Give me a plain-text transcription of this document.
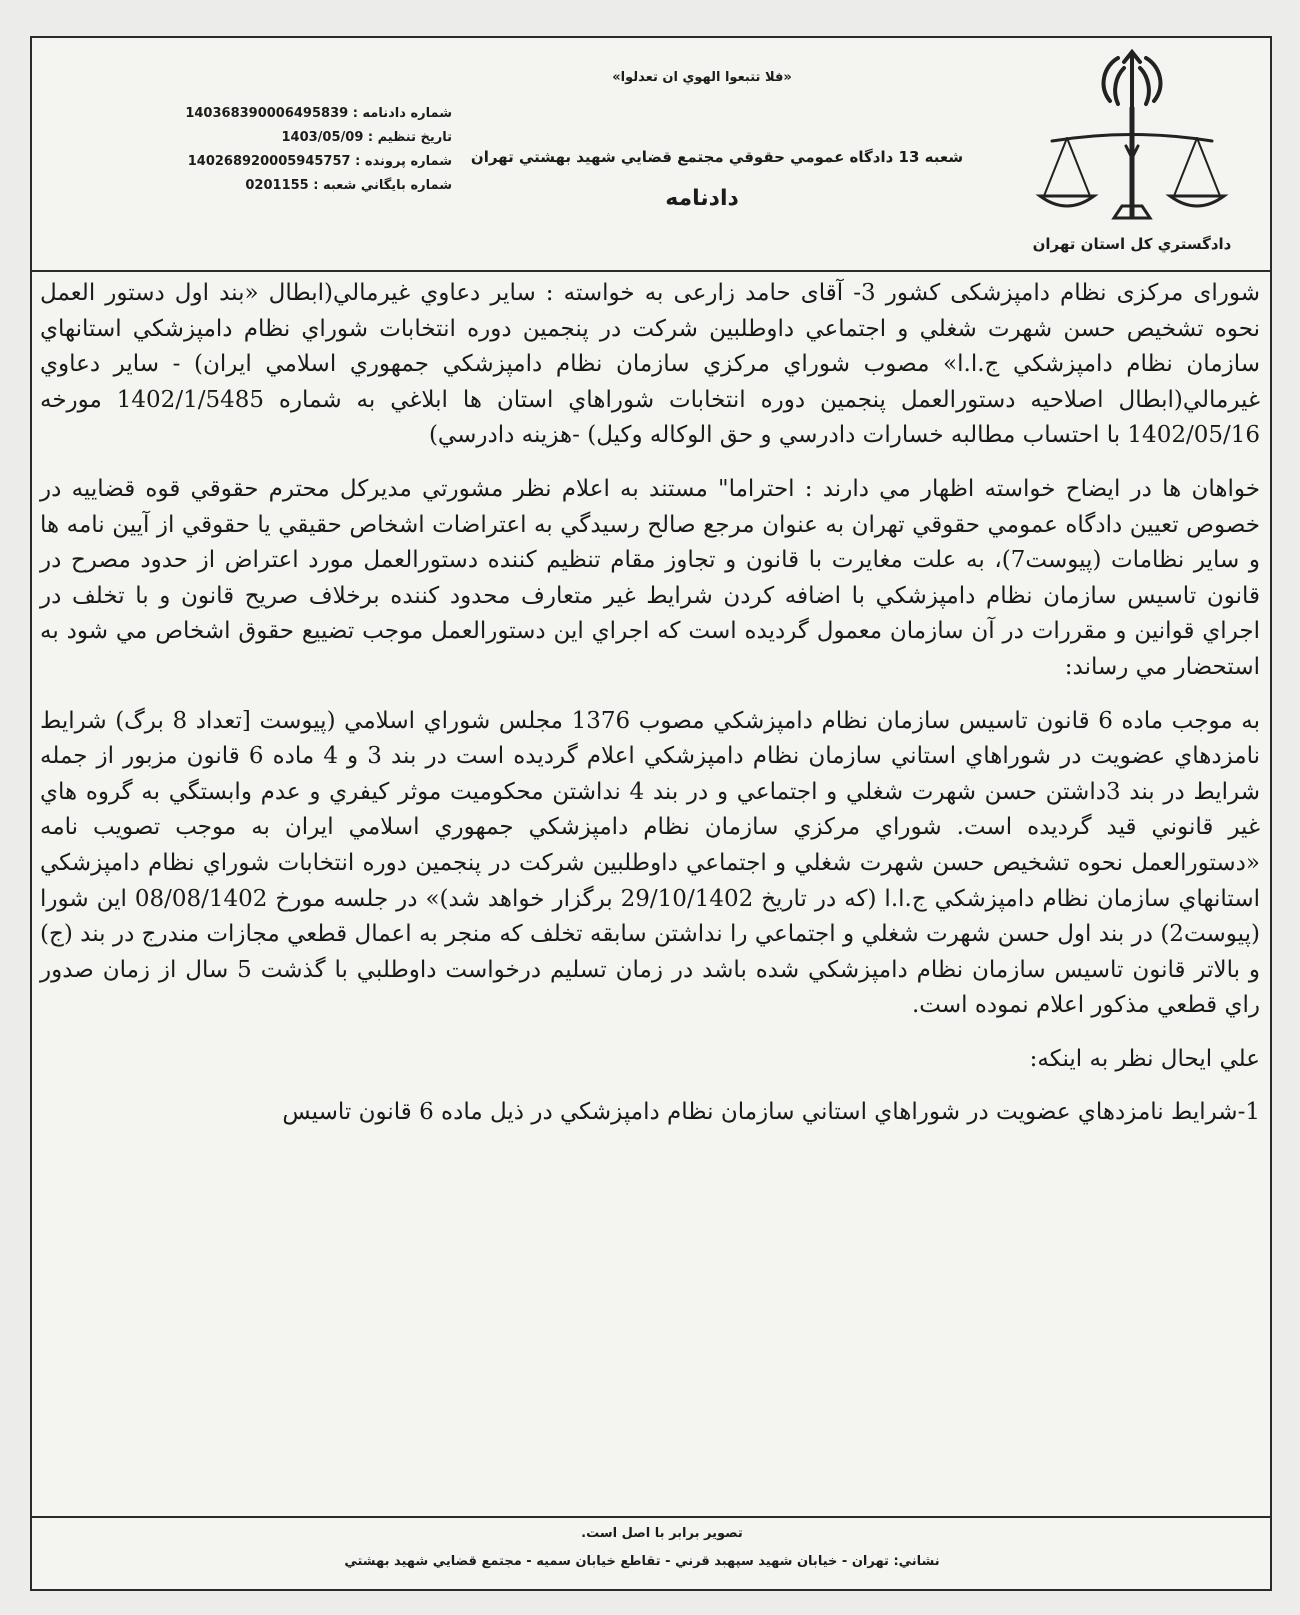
دادگستري كل استان تهران
«فلا تتبعوا الهوي ان تعدلوا»
شعبه 13 دادگاه عمومي حقوقي مجتمع قضايي شهيد بهشتي تهران
دادنامه
شماره دادنامه : 140368390006495839
تاريخ تنظيم : 1403/05/09
شماره پرونده : 140268920005945757
شماره بايگاني شعبه : 0201155

شوراى مركزى نظام دامپزشكى كشور 3- آقاى حامد زارعى به خواسته : ساير دعاوي غيرمالي(ابطال «بند اول دستور العمل نحوه تشخيص حسن شهرت شغلي و اجتماعي داوطلبين شركت در پنجمين دوره انتخابات شوراي نظام دامپزشكي استانهاي سازمان نظام دامپزشكي ج.ا.ا» مصوب شوراي مركزي سازمان نظام دامپزشكي جمهوري اسلامي ايران) - ساير دعاوي غيرمالي(ابطال اصلاحيه دستورالعمل پنجمين دوره انتخابات شوراهاي استان ها ابلاغي به شماره 1402/1/5485 مورخه 1402/05/16 با احتساب مطالبه خسارات دادرسي و حق الوكاله وكيل) -هزينه دادرسي)

خواهان ها در ايضاح خواسته اظهار مي دارند : احتراما" مستند به اعلام نظر مشورتي مديركل محترم حقوقي قوه قضاييه در خصوص تعيين دادگاه عمومي حقوقي تهران به عنوان مرجع صالح رسيدگي به اعتراضات اشخاص حقيقي يا حقوقي از آيين نامه ها و ساير نظامات (پيوست7)، به علت مغايرت با قانون و تجاوز مقام تنظيم كننده دستورالعمل مورد اعتراض از حدود مصرح در قانون تاسيس سازمان نظام دامپزشكي با اضافه كردن شرايط غير متعارف محدود كننده برخلاف صريح قانون و با تخلف در اجراي قوانين و مقررات در آن سازمان معمول گرديده است كه اجراي اين دستورالعمل موجب تضييع حقوق اشخاص مي شود به استحضار مي رساند:

به موجب ماده 6 قانون تاسيس سازمان نظام دامپزشكي مصوب 1376 مجلس شوراي اسلامي (پيوست [تعداد 8 برگ) شرايط نامزدهاي عضويت در شوراهاي استاني سازمان نظام دامپزشكي اعلام گرديده است در بند 3 و 4 ماده 6 قانون مزبور از جمله شرايط در بند 3داشتن حسن شهرت شغلي و اجتماعي و در بند 4 نداشتن محكوميت موثر كيفري و عدم وابستگي به گروه هاي غير قانوني قيد گرديده است. شوراي مركزي سازمان نظام دامپزشكي جمهوري اسلامي ايران به موجب تصويب نامه «دستورالعمل نحوه تشخيص حسن شهرت شغلي و اجتماعي داوطلبين شركت در پنجمين دوره انتخابات شوراي نظام دامپزشكي استانهاي سازمان نظام دامپزشكي ج.ا.ا (كه در تاريخ 29/10/1402 برگزار خواهد شد)» در جلسه مورخ 08/08/1402 اين شورا (پيوست2) در بند اول حسن شهرت شغلي و اجتماعي را نداشتن سابقه تخلف كه منجر به اعمال قطعي مجازات مندرج در بند (ج) و بالاتر قانون تاسيس سازمان نظام دامپزشكي شده باشد در زمان تسليم درخواست داوطلبي با گذشت 5 سال از زمان صدور راي قطعي مذكور اعلام نموده است.

علي ايحال نظر به اينكه:

1-شرايط نامزدهاي عضويت در شوراهاي استاني سازمان نظام دامپزشكي در ذيل ماده 6 قانون تاسيس

تصوير برابر با اصل است.
نشاني: تهران - خيابان شهيد سپهبد قرني - تقاطع خيابان سميه - مجتمع قضايي شهيد بهشتي
